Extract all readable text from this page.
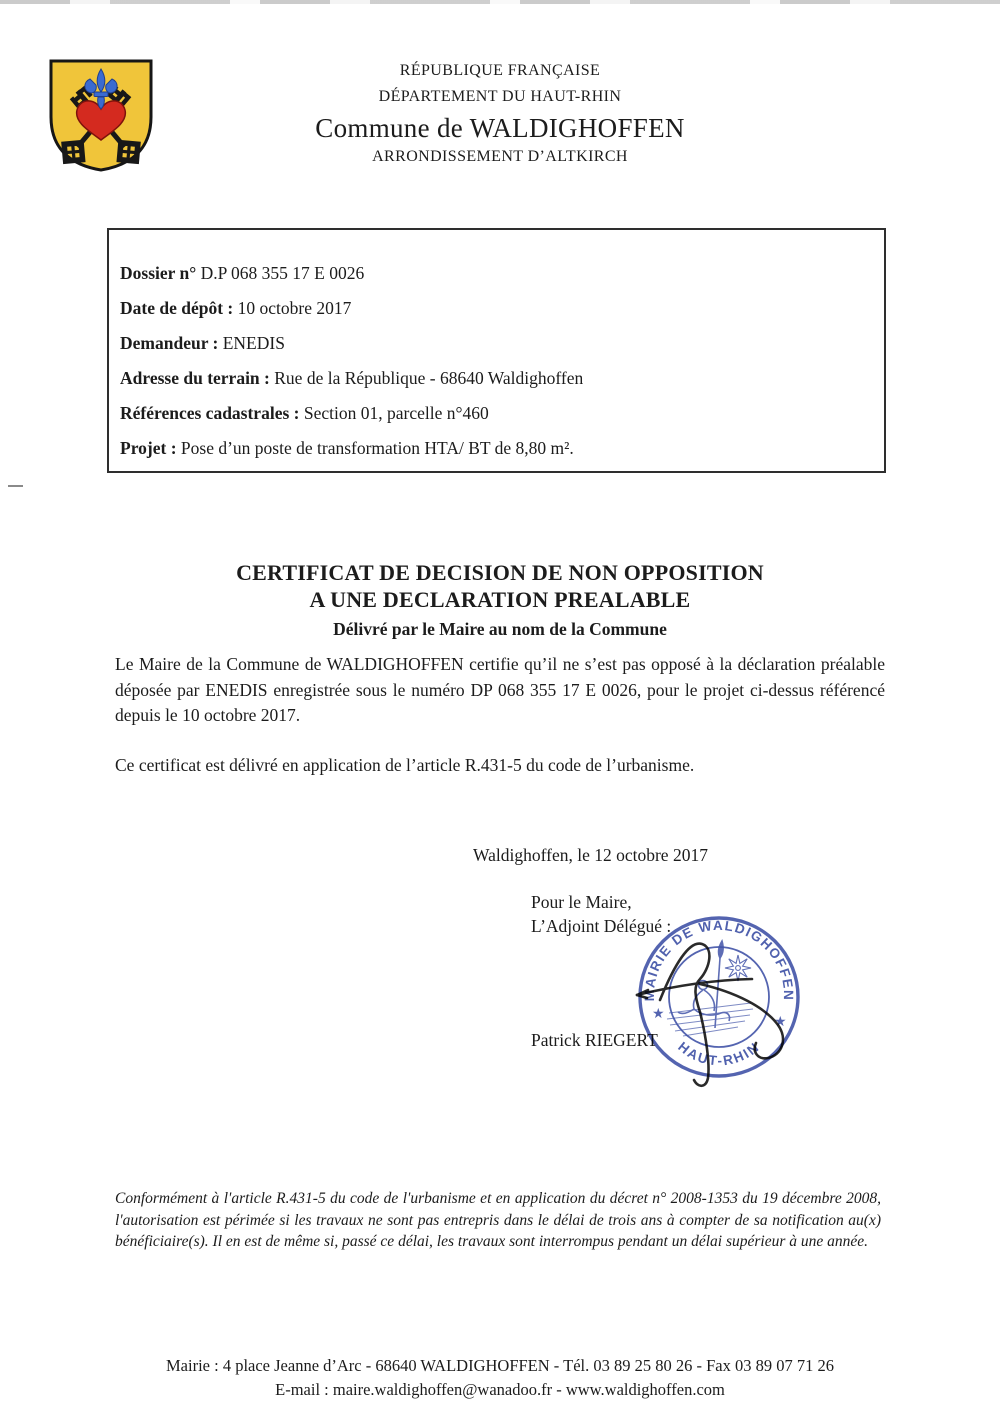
RÉPUBLIQUE FRANÇAISE
DÉPARTEMENT DU HAUT-RHIN
Commune de WALDIGHOFFEN
ARRONDISSEMENT D’ALTKIRCH
Dossier n° D.P 068 355 17 E 0026
Date de dépôt : 10 octobre 2017
Demandeur : ENEDIS
Adresse du terrain : Rue de la République - 68640 Waldighoffen
Références cadastrales : Section 01, parcelle n°460
Projet : Pose d’un poste de transformation HTA/ BT de 8,80 m².
CERTIFICAT DE DECISION DE NON OPPOSITION
A UNE DECLARATION PREALABLE
Délivré par le Maire au nom de la Commune
Le Maire de la Commune de WALDIGHOFFEN certifie qu’il ne s’est pas opposé à la déclaration préalable déposée par ENEDIS enregistrée sous le numéro DP 068 355 17 E 0026, pour le projet ci-dessus référencé depuis le 10 octobre 2017.
Ce certificat est délivré en application de l’article R.431-5 du code de l’urbanisme.
Waldighoffen, le 12 octobre 2017
Pour le Maire,
L’Adjoint Délégué :
Patrick RIEGERT
MAIRIE DE WALDIGHOFFEN
HAUT-RHIN
★
★
Conformément à l'article R.431-5 du code de l'urbanisme et en application du décret n° 2008-1353 du 19 décembre 2008, l'autorisation est périmée si les travaux ne sont pas entrepris dans le délai de trois ans à compter de sa notification au(x) bénéficiaire(s). Il en est de même si, passé ce délai, les travaux sont interrompus pendant un délai supérieur à une année.
Mairie : 4 place Jeanne d’Arc - 68640 WALDIGHOFFEN - Tél. 03 89 25 80 26 - Fax 03 89 07 71 26
E-mail : maire.waldighoffen@wanadoo.fr - www.waldighoffen.com
